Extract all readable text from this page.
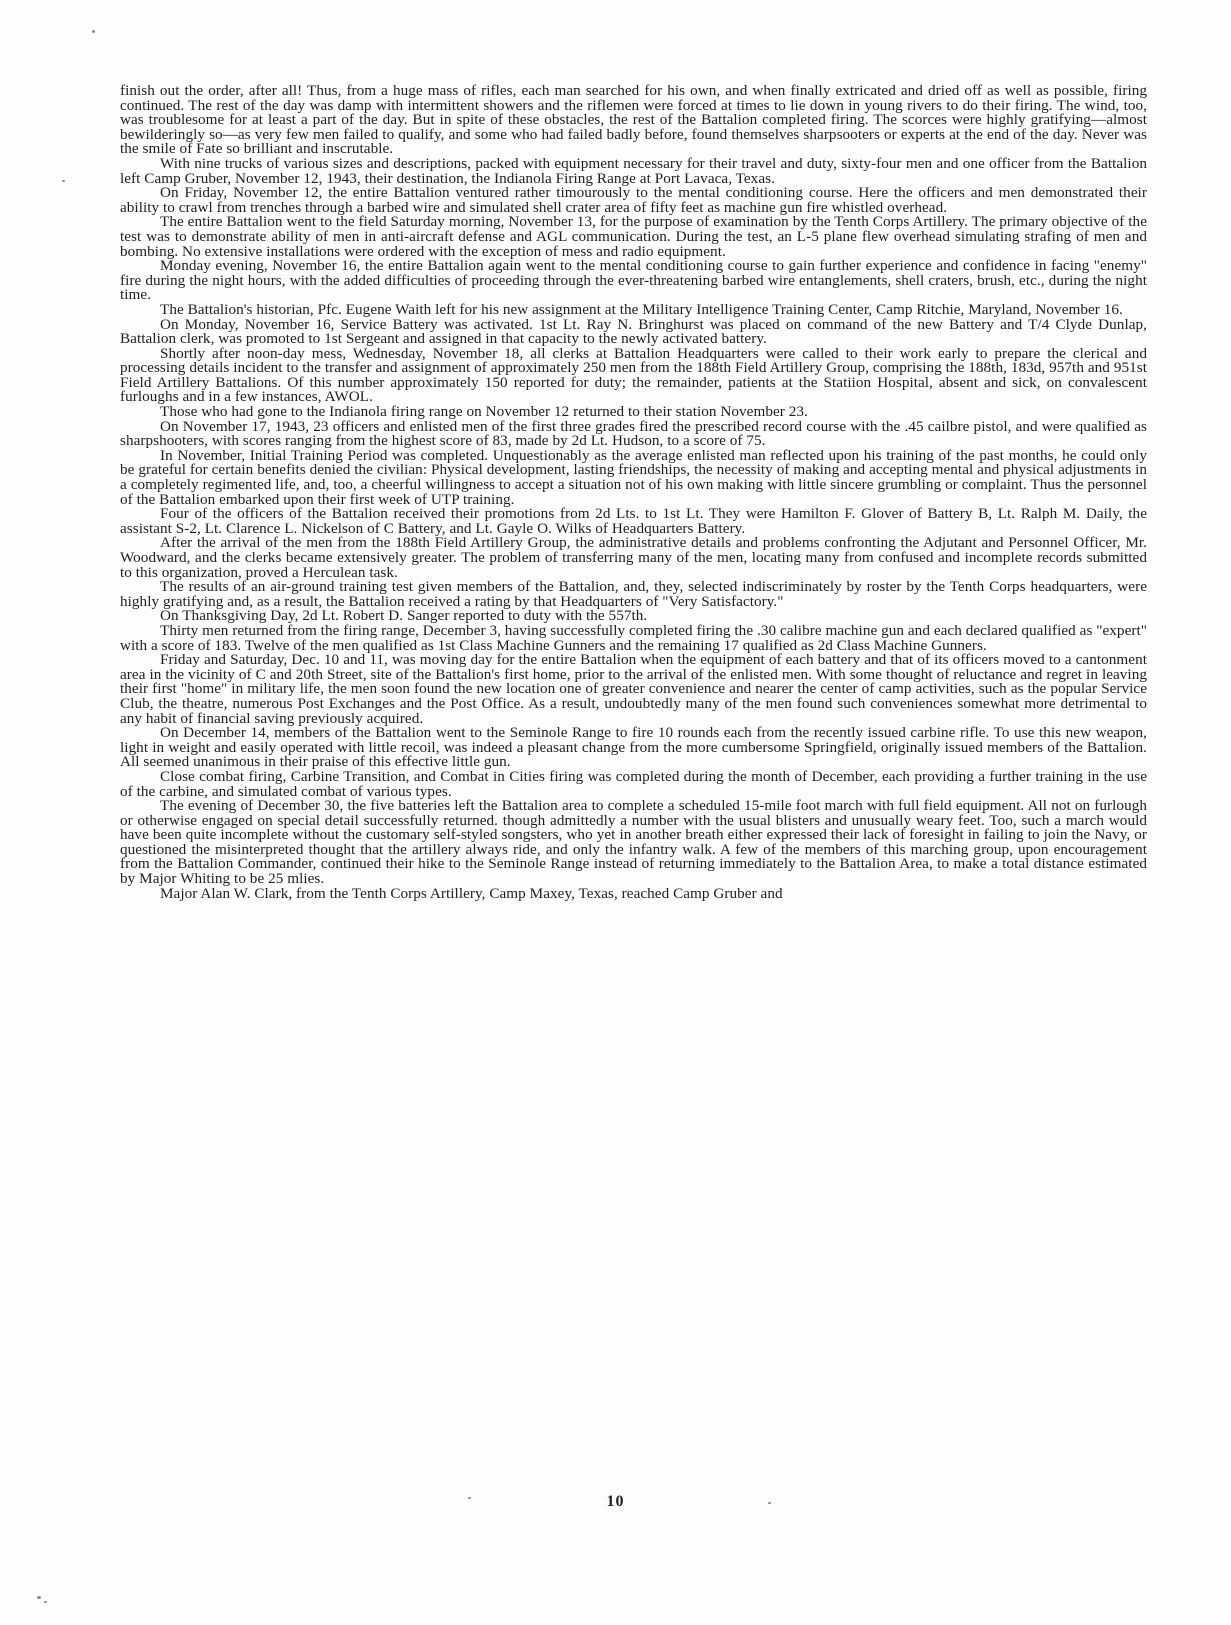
finish out the order, after all! Thus, from a huge mass of rifles, each man searched for his own, and when finally extricated and dried off as well as possible, firing continued. The rest of the day was damp with intermittent showers and the riflemen were forced at times to lie down in young rivers to do their firing. The wind, too, was troublesome for at least a part of the day. But in spite of these obstacles, the rest of the Battalion completed firing. The scorces were highly gratifying—almost bewilderingly so—as very few men failed to qualify, and some who had failed badly before, found themselves sharpsooters or experts at the end of the day. Never was the smile of Fate so brilliant and inscrutable.

With nine trucks of various sizes and descriptions, packed with equipment necessary for their travel and duty, sixty-four men and one officer from the Battalion left Camp Gruber, November 12, 1943, their destination, the Indianola Firing Range at Port Lavaca, Texas.

On Friday, November 12, the entire Battalion ventured rather timourously to the mental conditioning course. Here the officers and men demonstrated their ability to crawl from trenches through a barbed wire and simulated shell crater area of fifty feet as machine gun fire whistled overhead.

The entire Battalion went to the field Saturday morning, November 13, for the purpose of examination by the Tenth Corps Artillery. The primary objective of the test was to demonstrate ability of men in anti-aircraft defense and AGL communication. During the test, an L-5 plane flew overhead simulating strafing of men and bombing. No extensive installations were ordered with the exception of mess and radio equipment.

Monday evening, November 16, the entire Battalion again went to the mental conditioning course to gain further experience and confidence in facing "enemy" fire during the night hours, with the added difficulties of proceeding through the ever-threatening barbed wire entanglements, shell craters, brush, etc., during the night time.

The Battalion's historian, Pfc. Eugene Waith left for his new assignment at the Military Intelligence Training Center, Camp Ritchie, Maryland, November 16.

On Monday, November 16, Service Battery was activated. 1st Lt. Ray N. Bringhurst was placed on command of the new Battery and T/4 Clyde Dunlap, Battalion clerk, was promoted to 1st Sergeant and assigned in that capacity to the newly activated battery.

Shortly after noon-day mess, Wednesday, November 18, all clerks at Battalion Headquarters were called to their work early to prepare the clerical and processing details incident to the transfer and assignment of approximately 250 men from the 188th Field Artillery Group, comprising the 188th, 183d, 957th and 951st Field Artillery Battalions. Of this number approximately 150 reported for duty; the remainder, patients at the Statiion Hospital, absent and sick, on convalescent furloughs and in a few instances, AWOL.

Those who had gone to the Indianola firing range on November 12 returned to their station November 23.

On November 17, 1943, 23 officers and enlisted men of the first three grades fired the prescribed record course with the .45 cailbre pistol, and were qualified as sharpshooters, with scores ranging from the highest score of 83, made by 2d Lt. Hudson, to a score of 75.

In November, Initial Training Period was completed. Unquestionably as the average enlisted man reflected upon his training of the past months, he could only be grateful for certain benefits denied the civilian: Physical development, lasting friendships, the necessity of making and accepting mental and physical adjustments in a completely regimented life, and, too, a cheerful willingness to accept a situation not of his own making with little sincere grumbling or complaint. Thus the personnel of the Battalion embarked upon their first week of UTP training.

Four of the officers of the Battalion received their promotions from 2d Lts. to 1st Lt. They were Hamilton F. Glover of Battery B, Lt. Ralph M. Daily, the assistant S-2, Lt. Clarence L. Nickelson of C Battery, and Lt. Gayle O. Wilks of Headquarters Battery.

After the arrival of the men from the 188th Field Artillery Group, the administrative details and problems confronting the Adjutant and Personnel Officer, Mr. Woodward, and the clerks became extensively greater. The problem of transferring many of the men, locating many from confused and incomplete records submitted to this organization, proved a Herculean task.

The results of an air-ground training test given members of the Battalion, and, they, selected indiscriminately by roster by the Tenth Corps headquarters, were highly gratifying and, as a result, the Battalion received a rating by that Headquarters of "Very Satisfactory."

On Thanksgiving Day, 2d Lt. Robert D. Sanger reported to duty with the 557th.

Thirty men returned from the firing range, December 3, having successfully completed firing the .30 calibre machine gun and each declared qualified as "expert" with a score of 183. Twelve of the men qualified as 1st Class Machine Gunners and the remaining 17 qualified as 2d Class Machine Gunners.

Friday and Saturday, Dec. 10 and 11, was moving day for the entire Battalion when the equipment of each battery and that of its officers moved to a cantonment area in the vicinity of C and 20th Street, site of the Battalion's first home, prior to the arrival of the enlisted men. With some thought of reluctance and regret in leaving their first "home" in military life, the men soon found the new location one of greater convenience and nearer the center of camp activities, such as the popular Service Club, the theatre, numerous Post Exchanges and the Post Office. As a result, undoubtedly many of the men found such conveniences somewhat more detrimental to any habit of financial saving previously acquired.

On December 14, members of the Battalion went to the Seminole Range to fire 10 rounds each from the recently issued carbine rifle. To use this new weapon, light in weight and easily operated with little recoil, was indeed a pleasant change from the more cumbersome Springfield, originally issued members of the Battalion. All seemed unanimous in their praise of this effective little gun.

Close combat firing, Carbine Transition, and Combat in Cities firing was completed during the month of December, each providing a further training in the use of the carbine, and simulated combat of various types.

The evening of December 30, the five batteries left the Battalion area to complete a scheduled 15-mile foot march with full field equipment. All not on furlough or otherwise engaged on special detail successfully returned. though admittedly a number with the usual blisters and unusually weary feet. Too, such a march would have been quite incomplete without the customary self-styled songsters, who yet in another breath either expressed their lack of foresight in failing to join the Navy, or questioned the misinterpreted thought that the artillery always ride, and only the infantry walk. A few of the members of this marching group, upon encouragement from the Battalion Commander, continued their hike to the Seminole Range instead of returning immediately to the Battalion Area, to make a total distance estimated by Major Whiting to be 25 mlies.

Major Alan W. Clark, from the Tenth Corps Artillery, Camp Maxey, Texas, reached Camp Gruber and

10
